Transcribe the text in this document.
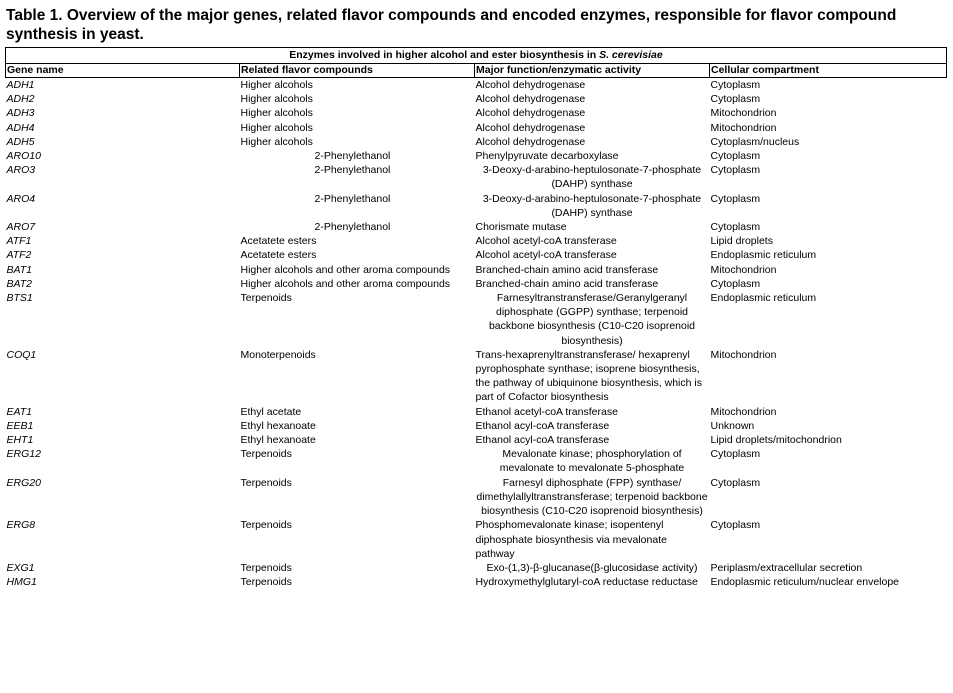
Table 1. Overview of the major genes, related flavor compounds and encoded enzymes, responsible for flavor compound synthesis in yeast.
Enzymes involved in higher alcohol and ester biosynthesis in S. cerevisiae			
Gene name	Related flavor compounds	Major function/enzymatic activity	Cellular compartment
ADH1	Higher alcohols	Alcohol dehydrogenase	Cytoplasm
ADH2	Higher alcohols	Alcohol dehydrogenase	Cytoplasm
ADH3	Higher alcohols	Alcohol dehydrogenase	Mitochondrion
ADH4	Higher alcohols	Alcohol dehydrogenase	Mitochondrion
ADH5	Higher alcohols	Alcohol dehydrogenase	Cytoplasm/nucleus
ARO10	2-Phenylethanol	Phenylpyruvate decarboxylase	Cytoplasm
ARO3	2-Phenylethanol	3-Deoxy-d-arabino-heptulosonate-7-phosphate (DAHP) synthase	Cytoplasm
ARO4	2-Phenylethanol	3-Deoxy-d-arabino-heptulosonate-7-phosphate (DAHP) synthase	Cytoplasm
ARO7	2-Phenylethanol	Chorismate mutase	Cytoplasm
ATF1	Acetatete esters	Alcohol acetyl-coA transferase	Lipid droplets
ATF2	Acetatete esters	Alcohol acetyl-coA transferase	Endoplasmic reticulum
BAT1	Higher alcohols and other aroma compounds	Branched-chain amino acid transferase	Mitochondrion
BAT2	Higher alcohols and other aroma compounds	Branched-chain amino acid transferase	Cytoplasm
BTS1	Terpenoids	Farnesyltranstransferase/Geranylgeranyl diphosphate (GGPP) synthase; terpenoid backbone biosynthesis (C10-C20 isoprenoid biosynthesis)	Endoplasmic reticulum
COQ1	Monoterpenoids	Trans-hexaprenyltranstransferase/ hexaprenyl pyrophosphate synthase; isoprene biosynthesis, the pathway of ubiquinone biosynthesis, which is part of Cofactor biosynthesis	Mitochondrion
EAT1	Ethyl acetate	Ethanol acetyl-coA transferase	Mitochondrion
EEB1	Ethyl hexanoate	Ethanol acyl-coA transferase	Unknown
EHT1	Ethyl hexanoate	Ethanol acyl-coA transferase	Lipid droplets/mitochondrion
ERG12	Terpenoids	Mevalonate kinase; phosphorylation of mevalonate to mevalonate 5-phosphate	Cytoplasm
ERG20	Terpenoids	Farnesyl diphosphate (FPP) synthase/ dimethylallyltranstransferase; terpenoid backbone biosynthesis (C10-C20 isoprenoid biosynthesis)	Cytoplasm
ERG8	Terpenoids	Phosphomevalonate kinase; isopentenyl diphosphate biosynthesis via mevalonate pathway	Cytoplasm
EXG1	Terpenoids	Exo-(1,3)-β-glucanase(β-glucosidase activity)	Periplasm/extracellular secretion
HMG1	Terpenoids	Hydroxymethylglutaryl-coA reductase reductase	Endoplasmic reticulum/nuclear envelope
